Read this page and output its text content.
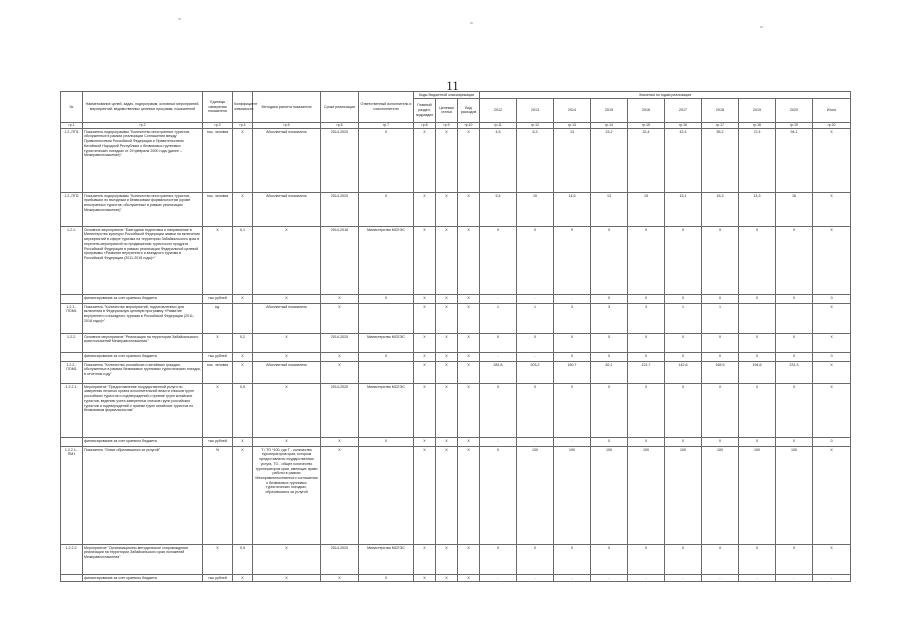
11
№	Наименование целей, задач, подпрограмм, основных мероприятий, мероприятий, ведомственных целевых программ, показателей	Единица измерения показателя	Коэффициент значимости	Методика расчета показателя	Сроки реализации	Ответственный исполнитель и соисполнители	Коды бюджетной классификации			Значения по годам реализации									
							Главный раздел, подраздел	Целевая статья	Вид расходов	2012	2013	2014	2015	2016	2017	2018	2019	2020	Итого
гр.1	гр.2	гр.3	гр.4	гр.5	гр.6	гр.7	гр.8	гр.9	гр.10	гр.11	гр.12	гр.13	гр.14	гр.15	гр.16	гр.17	гр.18	гр.19	гр.20
1.2.-ПП1	Показатель подпрограммы "Количество иностранных туристов, обслуженных в рамках реализации Соглашения между Правительством Российской Федерации и Правительством Китайской Народной Республики о безвизовых групповых туристических поездках от 29 февраля 2000 года (далее – Межправсоглашение)"	тыс. человек	Х	Абсолютный показатель	2014-2020	Х	Х	Х	Х	4,5	6,3	13	23,2	32,4	42,4	55,2	72,4	94,1	Х
1.2.-ПП2	Показатель подпрограммы "Количество иностранных туристов, прибывших по въездным и безвизовым формальностям (кроме иностранных туристов, обслуженных в рамках реализации Межправсоглашения)"	тыс. человек	Х	Абсолютный показатель	2014-2020	Х	Х	Х	Х	5,4	10	14,5	13	15	15,1	15,3	14,3	16	Х
1.2.1.	Основное мероприятие "Ежегодная подготовка и направление в Министерство культуры Российской Федерации заявки на включение мероприятий в сфере туризма на территории Забайкальского края в перечень мероприятий по продвижению туристского продукта Российской Федерации в рамках реализации Федеральной целевой программы «Развитие внутреннего и въездного туризма в Российской Федерации (2011-2018 годы)»"	Х	0,1	Х	2014-2016	Министерство МСЕЭС	Х	Х	Х	Х	Х	Х	Х	Х	Х	Х	Х	Х	Х
	финансирование за счет краевого бюджета	тыс.рублей	Х	Х	Х	Х	Х	Х	Х	-	-	-	0	0	0	0	0	0	0
1.2.1.-ПОМ1	Показатель "Количество мероприятий, подготовленных для включения в Федеральную целевую программу «Развитие внутреннего и въездного туризма в Российской Федерации (2011-2018 годы)»"	ед.		Абсолютный показатель	Х		Х	Х	Х	1	1	3	3	3	1	1			Х
1.2.2.	Основное мероприятие "Реализация на территории Забайкальского края положений Межправсоглашения"	Х	0,2	Х	2014-2020	Министерство МСЕЭС	Х	Х	Х	Х	Х	Х	Х	Х	Х	Х	Х	Х	Х
	финансирование за счет краевого бюджета	тыс.рублей	Х	Х	Х	Х	Х	Х	Х	-	-	0	0	0	0	0	0	0	0
1.2.2.-ПОМ1	Показатель "Количество российских и китайских граждан, обслуженных в рамках безвизовых групповых туристических поездок, в отчетном году"	тыс. человек	Х	Абсолютный показатель	Х		Х	Х	Х	281,8	203,2	150,7	82,1	121,7	142,6	165,9	194,6	231,3	Х
1.2.2.1.	Мероприятие "Предоставление государственной услуги по заверению печатью органа исполнительной власти списков групп российских туристов и подтверждений о приеме групп китайских туристов, ведению учета заверенных списков групп российских туристов и подтверждений о приеме групп китайских туристов по безвизовым формальностям"	Х	0,5	Х	2014-2020	Министерство МСЕЭС	Х	Х	Х	Х	Х	Х	Х	Х	Х	Х	Х	Х	Х
	финансирование за счет краевого бюджета	тыс.рублей	Х	Х	Х	Х	Х	Х	Х	-	-	-	0	0	0	0	0	0	0
1.2.2.1.-ПМ1	Показатель "Охват обратившихся за услугой"	%	Х	Т / ТО *100, где Т - количество туроператоров края, которым предоставлена государственная услуга, ТО - общее количество туроператоров края, имеющих право работы в рамках Межправительственного соглашения о безвизовых групповых туристических поездках, обратившихся за услугой	Х		Х	Х	Х	Х	100	100	100	100	100	100	100	100	Х
1.2.2.2.	Мероприятие "Организационно-методическое сопровождение реализации на территории Забайкальского края положений Межправсоглашения"	Х	0,5	Х	2014-2020	Министерство МСЕЭС	Х	Х	Х	Х	Х	Х	Х	Х	Х	Х	Х	Х	Х
	финансирование за счет краевого бюджета	тыс.рублей	Х	Х	Х	Х	Х	Х	Х	-	-	-	-	-	-	-	-	-	-
